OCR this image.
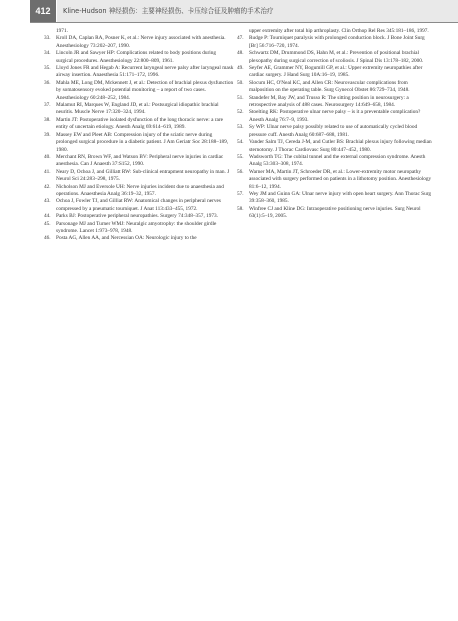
412	Kline-Hudson 神经损伤：主要神经损伤、卡压综合征及肿瘤的手术治疗
1971.
33.	Kroll DA, Caplan RA, Posner K, et al.: Nerve injury associated with anesthesia. Anesthesiology 73:202–207, 1990.
34.	Lincoln JR and Sawyer HP: Complications related to body positions during surgical procedures. Anesthesiology 22:800–809, 1961.
35.	Lloyd Jones FR and Hegab A: Recurrent laryngeal nerve palsy after laryngeal mask airway insertion. Anaesthesia 51:171–172, 1996.
36.	Mahla ME, Long DM, Mckennett J, et al.: Detection of brachial plexus dysfunction by somatosensory evoked potential monitoring – a report of two cases. Anesthesiology 60:248–252, 1984.
37.	Malamut RI, Marques W, England JD, et al.: Postsurgical idiopathic brachial neuritis. Muscle Nerve 17:320–324, 1994.
38.	Martin JT: Postoperative isolated dysfunction of the long thoracic nerve: a rare entity of uncertain etiology. Anesth Analg 69:614–619, 1989.
39.	Massey EW and Pleet AB: Compression injury of the sciatic nerve during prolonged surgical procedure in a diabetic patient. J Am Geriatr Soc 28:188–189, 1980.
40.	Merchant RN, Brown WF, and Watson BV: Peripheral nerve injuries in cardiac anesthesia. Can J Anaesth 37:S152, 1990.
41.	Neary D, Ochoa J, and Gilliatt RW: Sub-clinical entrapment neuropathy in man. J Neurol Sci 24:283–298, 1975.
42.	Nicholson MJ and Eversole UH: Nerve injuries incident due to anaesthesia and operations. Anaesthesia Analg 36:19–32, 1957.
43.	Ochoa J, Fowler TJ, and Gilliat RW: Anatomical changes in peripheral nerves compressed by a pneumatic tourniquet. J Anat 113:433–455, 1972.
44.	Parks BJ: Postoperative peripheral neuropathies. Surgery 74:348–357, 1973.
45.	Parsonage MJ and Turner WMJ: Neuralgic amyotrophy: the shoulder girdle syndrome. Lancet 1:973–978, 1948.
46.	Posta AG, Allen AA, and Nercessian OA: Neurologic injury to the
upper extremity after total hip arthroplasty. Clin Orthop Rel Res 345:181–186, 1997.
47.	Rudge P: Tourniquet paralysis with prolonged conduction block. J Bone Joint Surg [Br] 56:716–720, 1974.
48.	Schwartz DM, Drummond DS, Hahn M, et al.: Prevention of positional brachial plexopathy during surgical correction of scoliosis. J Spinal Dis 13:178–182, 2000.
49.	Seyfer AE, Grammer NY, Bogumill GP, et al.: Upper extremity neuropathies after cardiac surgery. J Hand Surg 10A:16–19, 1985.
50.	Slocum HC, O'Neal KC, and Allen CR: Neurovascular complications from malposition on the operating table. Surg Gynecol Obstet 86:729–734, 1948.
51.	Standefer M, Bay JW, and Trusso R: The sitting position in neurosurgery: a retrospective analysis of 488 cases. Neurosurgery 14:649–658, 1984.
52.	Stoelting RK: Postoperative ulnar nerve palsy – is it a preventable complication? Anesth Analg 76:7–9, 1993.
53.	Sy WP: Ulnar nerve palsy possibly related to use of automatically cycled blood pressure cuff. Anesth Analg 60:687–688, 1981.
54.	Vander Salm TJ, Cereda J-M, and Cutler BS: Brachial plexus injury following median sternotomy. J Thorac Cardiovasc Surg 80:447–452, 1980.
55.	Wadsworth TG: The cubital tunnel and the external compression syndrome. Anesth Analg 53:303–308, 1974.
56.	Warner MA, Martin JT, Schroeder DR, et al.: Lower-extremity motor neuropathy associated with surgery performed on patients in a lithotomy position. Anesthesiology 81:6–12, 1994.
57.	Wey JM and Guinn GA: Ulnar nerve injury with open heart surgery. Ann Thorac Surg 39:358–360, 1985.
58.	Winfree CJ and Kline DG: Intraoperative positioning nerve injuries. Surg Neurol 63(1):5–19, 2005.
